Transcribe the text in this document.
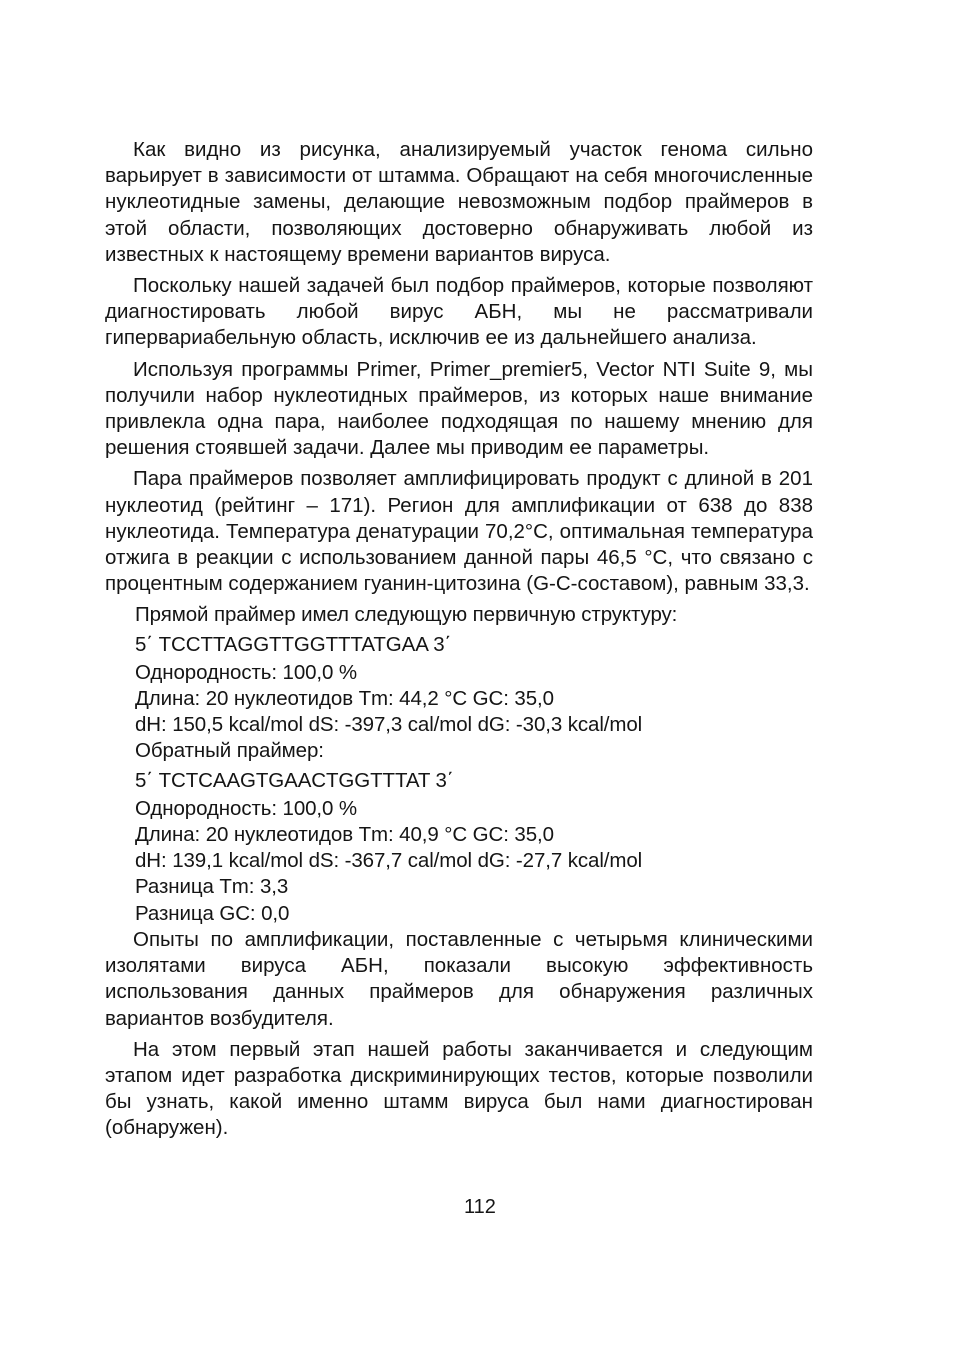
Как видно из рисунка, анализируемый участок генома сильно варьирует в зависимости от штамма. Обращают на себя многочисленные нуклеотидные замены, делающие невозможным подбор праймеров в этой области, позволяющих достоверно обнаруживать любой из известных к настоящему времени вариантов вируса.

Поскольку нашей задачей был подбор праймеров, которые позволяют диагностировать любой вирус АБН, мы не рассматривали гипервариабельную область, исключив ее из дальнейшего анализа.

Используя программы Primer, Primer_premier5, Vector NTI Suite 9, мы получили набор нуклеотидных праймеров, из которых наше внимание привлекла одна пара, наиболее подходящая по нашему мнению для решения стоявшей задачи. Далее мы приводим ее параметры.

Пара праймеров позволяет амплифицировать продукт с длиной в 201 нуклеотид (рейтинг – 171). Регион для амплификации от 638 до 838 нуклеотида. Температура денатурации 70,2°С, оптимальная температура отжига в реакции с использованием данной пары 46,5 °С, что связано с процентным содержанием гуанин-цитозина (G-C-составом), равным 33,3.

Прямой праймер имел следующую первичную структуру:

5΄ TCCTTAGGTTGGTTTATGAA 3΄

Однородность: 100,0 %

Длина: 20 нуклеотидов Tm: 44,2 °С GC: 35,0

dH: 150,5 kcal/mol dS: -397,3 cal/mol dG: -30,3 kcal/mol

Обратный праймер:

5΄ TCTCAAGTGAACTGGTTTAT 3΄

Однородность: 100,0 %

Длина: 20 нуклеотидов Tm: 40,9 °С GC: 35,0

dH: 139,1 kcal/mol dS: -367,7 cal/mol dG: -27,7 kcal/mol

Разница Tm: 3,3

Разница GC: 0,0

Опыты по амплификации, поставленные с четырьмя клиническими изолятами вируса АБН, показали высокую эффективность использования данных праймеров для обнаружения различных вариантов возбудителя.

На этом первый этап нашей работы заканчивается и следующим этапом идет разработка дискриминирующих тестов, которые позволили бы узнать, какой именно штамм вируса был нами диагностирован (обнаружен).

112
